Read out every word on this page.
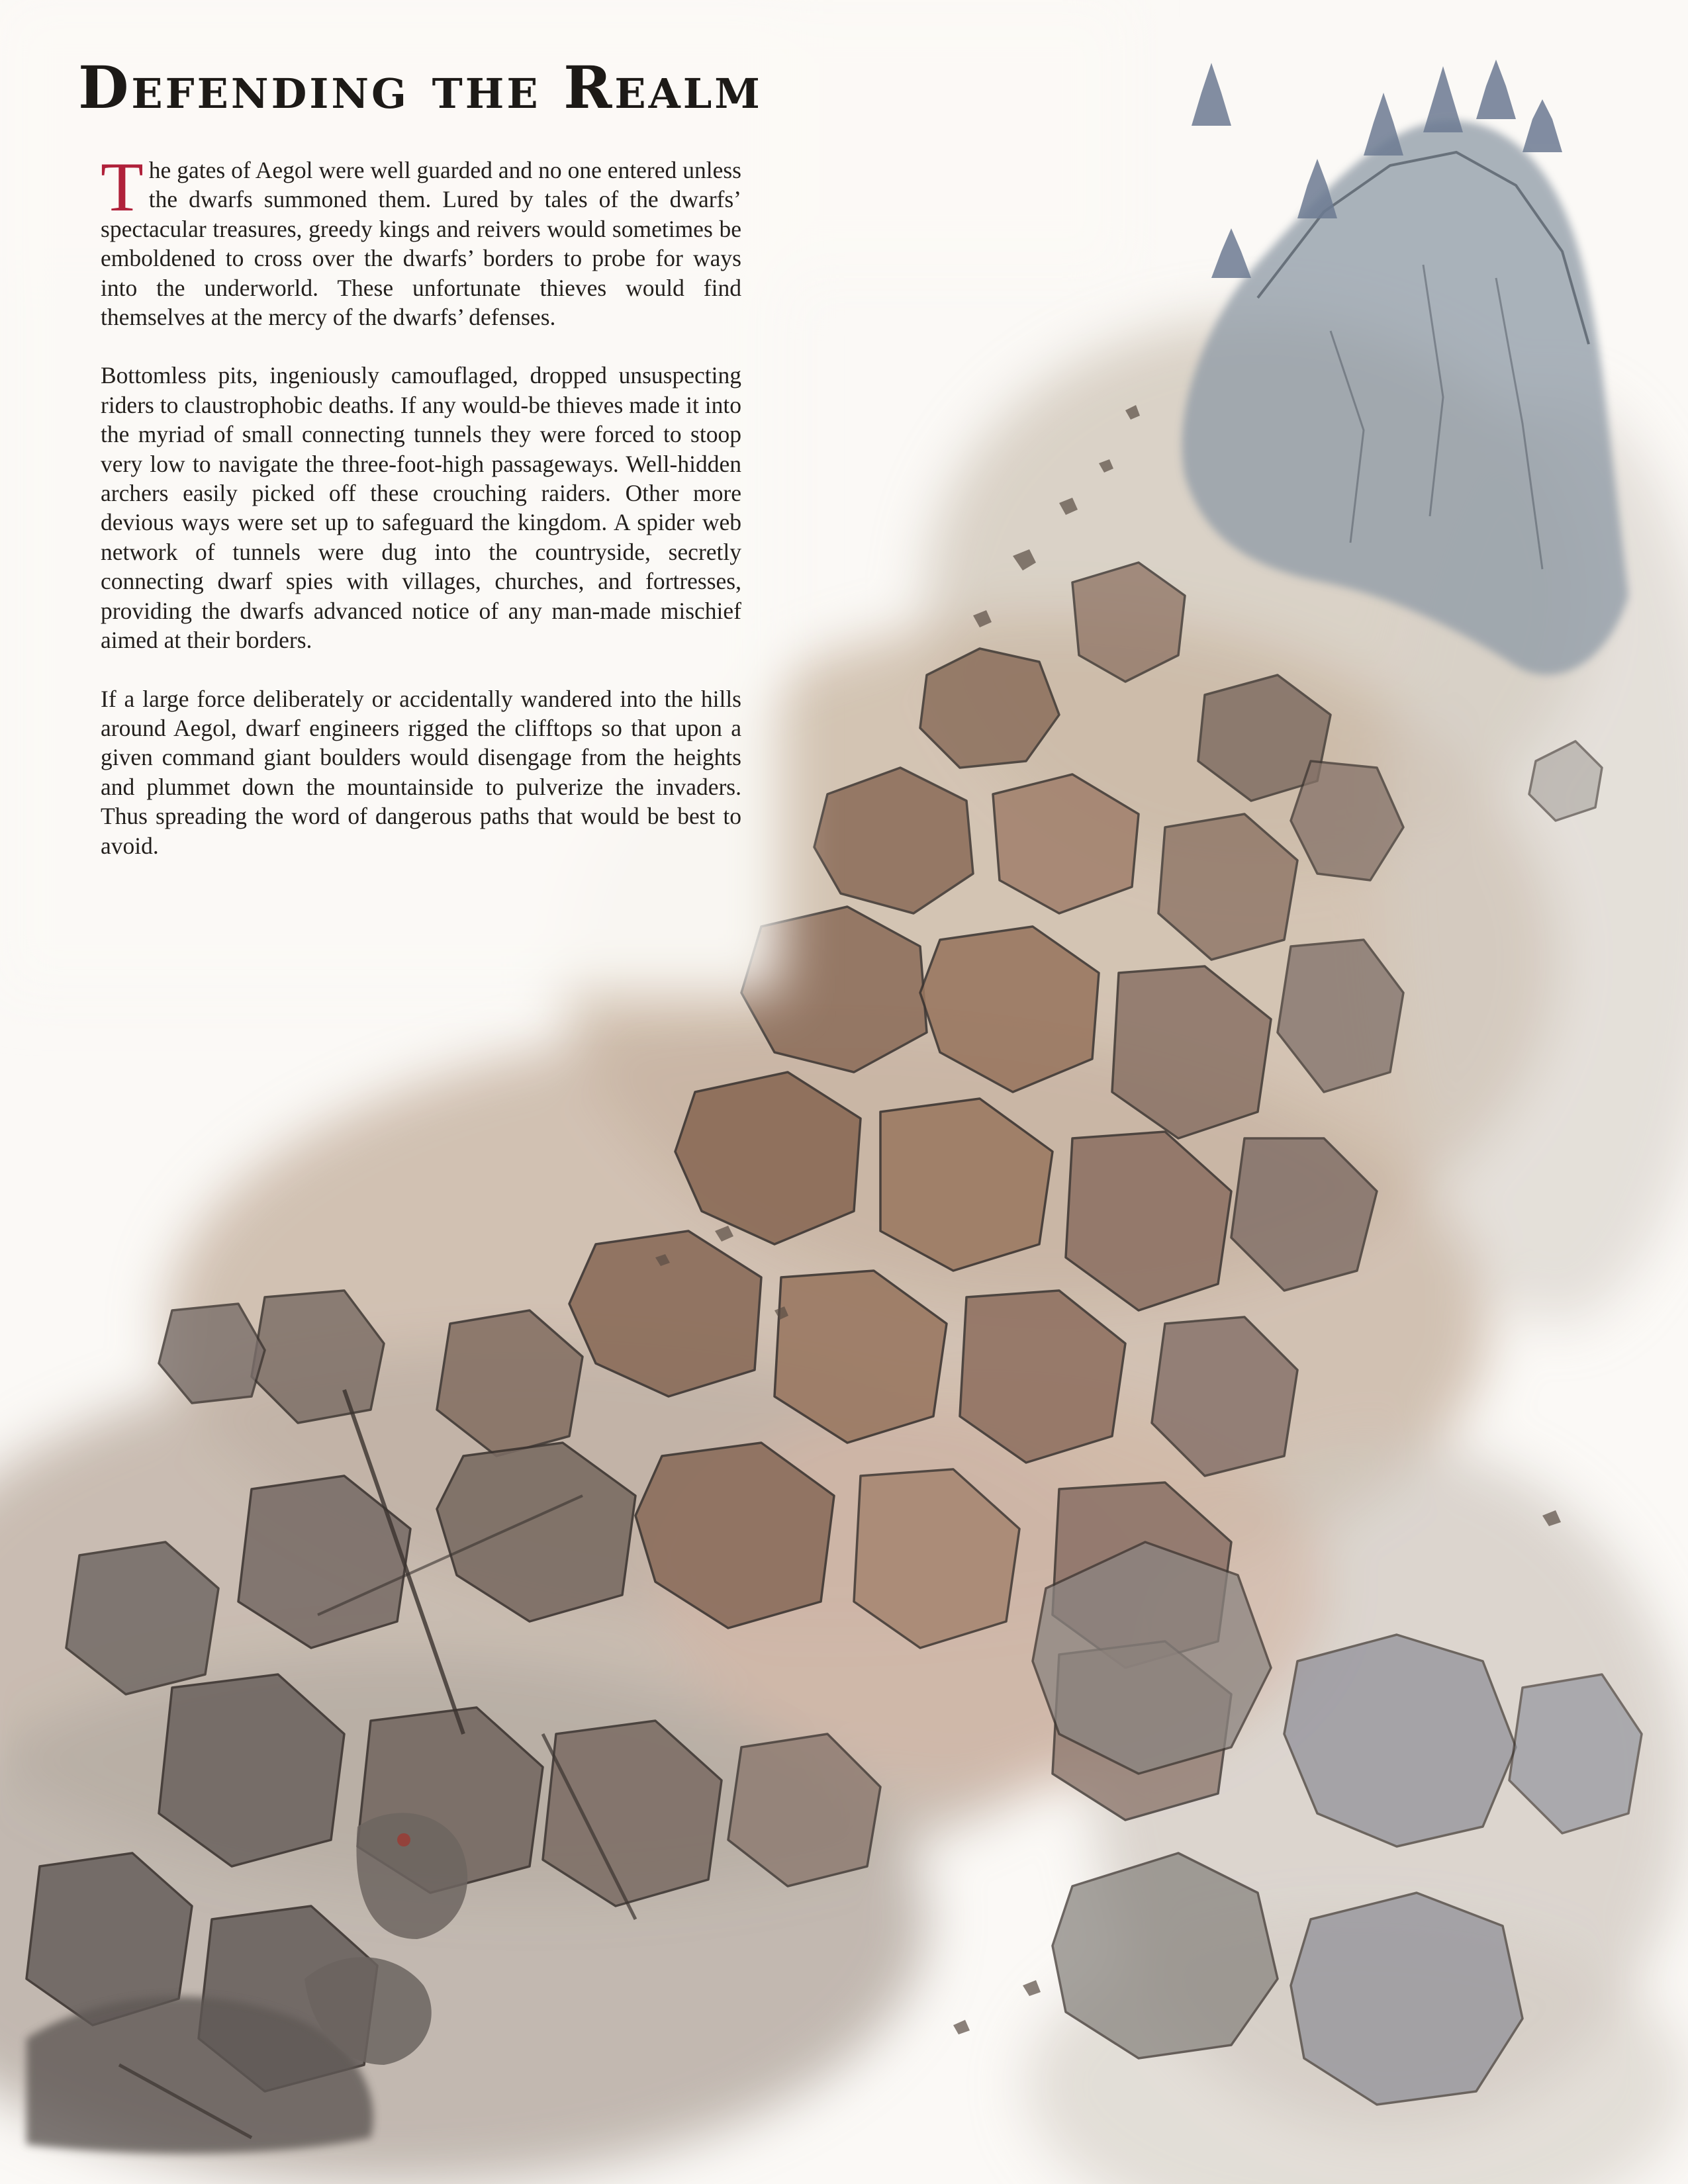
Defending the Realm

The gates of Aegol were well guarded and no one entered unless the dwarfs summoned them. Lured by tales of the dwarfs’ spectacular treasures, greedy kings and reivers would sometimes be emboldened to cross over the dwarfs’ borders to probe for ways into the underworld. These unfortunate thieves would find themselves at the mercy of the dwarfs’ defenses.

Bottomless pits, ingeniously camouflaged, dropped unsuspecting riders to claustrophobic deaths. If any would-be thieves made it into the myriad of small connecting tunnels they were forced to stoop very low to navigate the three-foot-high passageways. Well-hidden archers easily picked off these crouching raiders. Other more devious ways were set up to safeguard the kingdom. A spider web network of tunnels were dug into the countryside, secretly connecting dwarf spies with villages, churches, and fortresses, providing the dwarfs advanced notice of any man-made mischief aimed at their borders.

If a large force deliberately or accidentally wandered into the hills around Aegol, dwarf engineers rigged the clifftops so that upon a given command giant boulders would disengage from the heights and plummet down the mountainside to pulverize the invaders. Thus spreading the word of dangerous paths that would be best to avoid.
